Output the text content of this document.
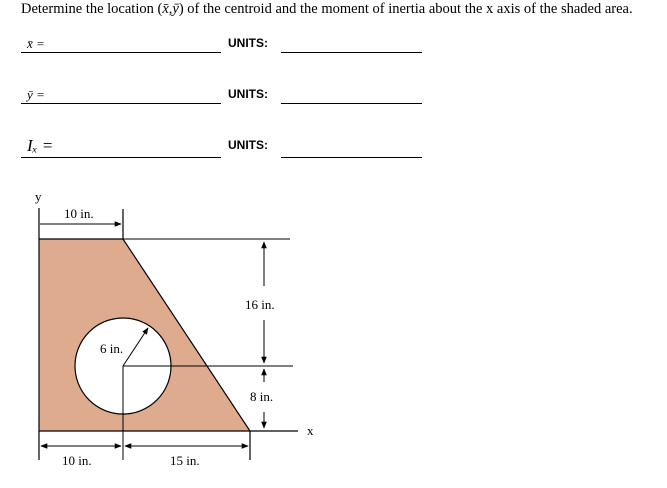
Determine the location (x̄,ȳ) of the centroid and the moment of inertia about the x axis of the shaded area.
x̄ =	UNITS:
ȳ =	UNITS:
Iₓ =	UNITS:
y
x
10 in.
16 in.
8 in.
6 in.
10 in.	15 in.
